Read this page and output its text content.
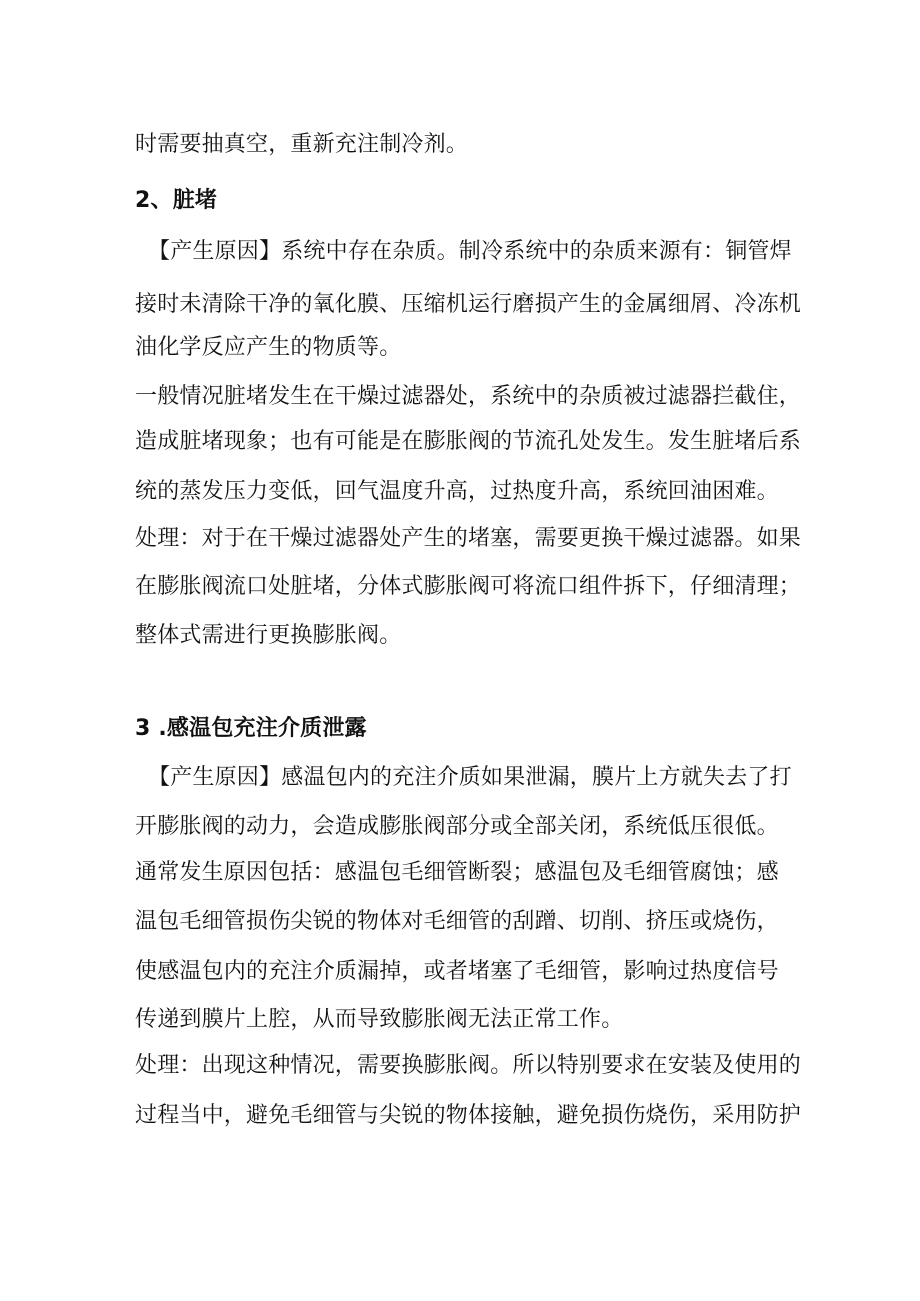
时需要抽真空，重新充注制冷剂。
2、脏堵
【产生原因】系统中存在杂质。制冷系统中的杂质来源有：铜管焊
接时未清除干净的氧化膜、压缩机运行磨损产生的金属细屑、冷冻机
油化学反应产生的物质等。
一般情况脏堵发生在干燥过滤器处，系统中的杂质被过滤器拦截住，
造成脏堵现象；也有可能是在膨胀阀的节流孔处发生。发生脏堵后系
统的蒸发压力变低，回气温度升高，过热度升高，系统回油困难。
处理：对于在干燥过滤器处产生的堵塞，需要更换干燥过滤器。如果
在膨胀阀流口处脏堵，分体式膨胀阀可将流口组件拆下，仔细清理；
整体式需进行更换膨胀阀。
3 .感温包充注介质泄露
【产生原因】感温包内的充注介质如果泄漏，膜片上方就失去了打
开膨胀阀的动力，会造成膨胀阀部分或全部关闭，系统低压很低。
通常发生原因包括：感温包毛细管断裂；感温包及毛细管腐蚀；感
温包毛细管损伤尖锐的物体对毛细管的刮蹭、切削、挤压或烧伤，
使感温包内的充注介质漏掉，或者堵塞了毛细管，影响过热度信号
传递到膜片上腔，从而导致膨胀阀无法正常工作。
处理：出现这种情况，需要换膨胀阀。所以特别要求在安装及使用的
过程当中，避免毛细管与尖锐的物体接触，避免损伤烧伤，采用防护
